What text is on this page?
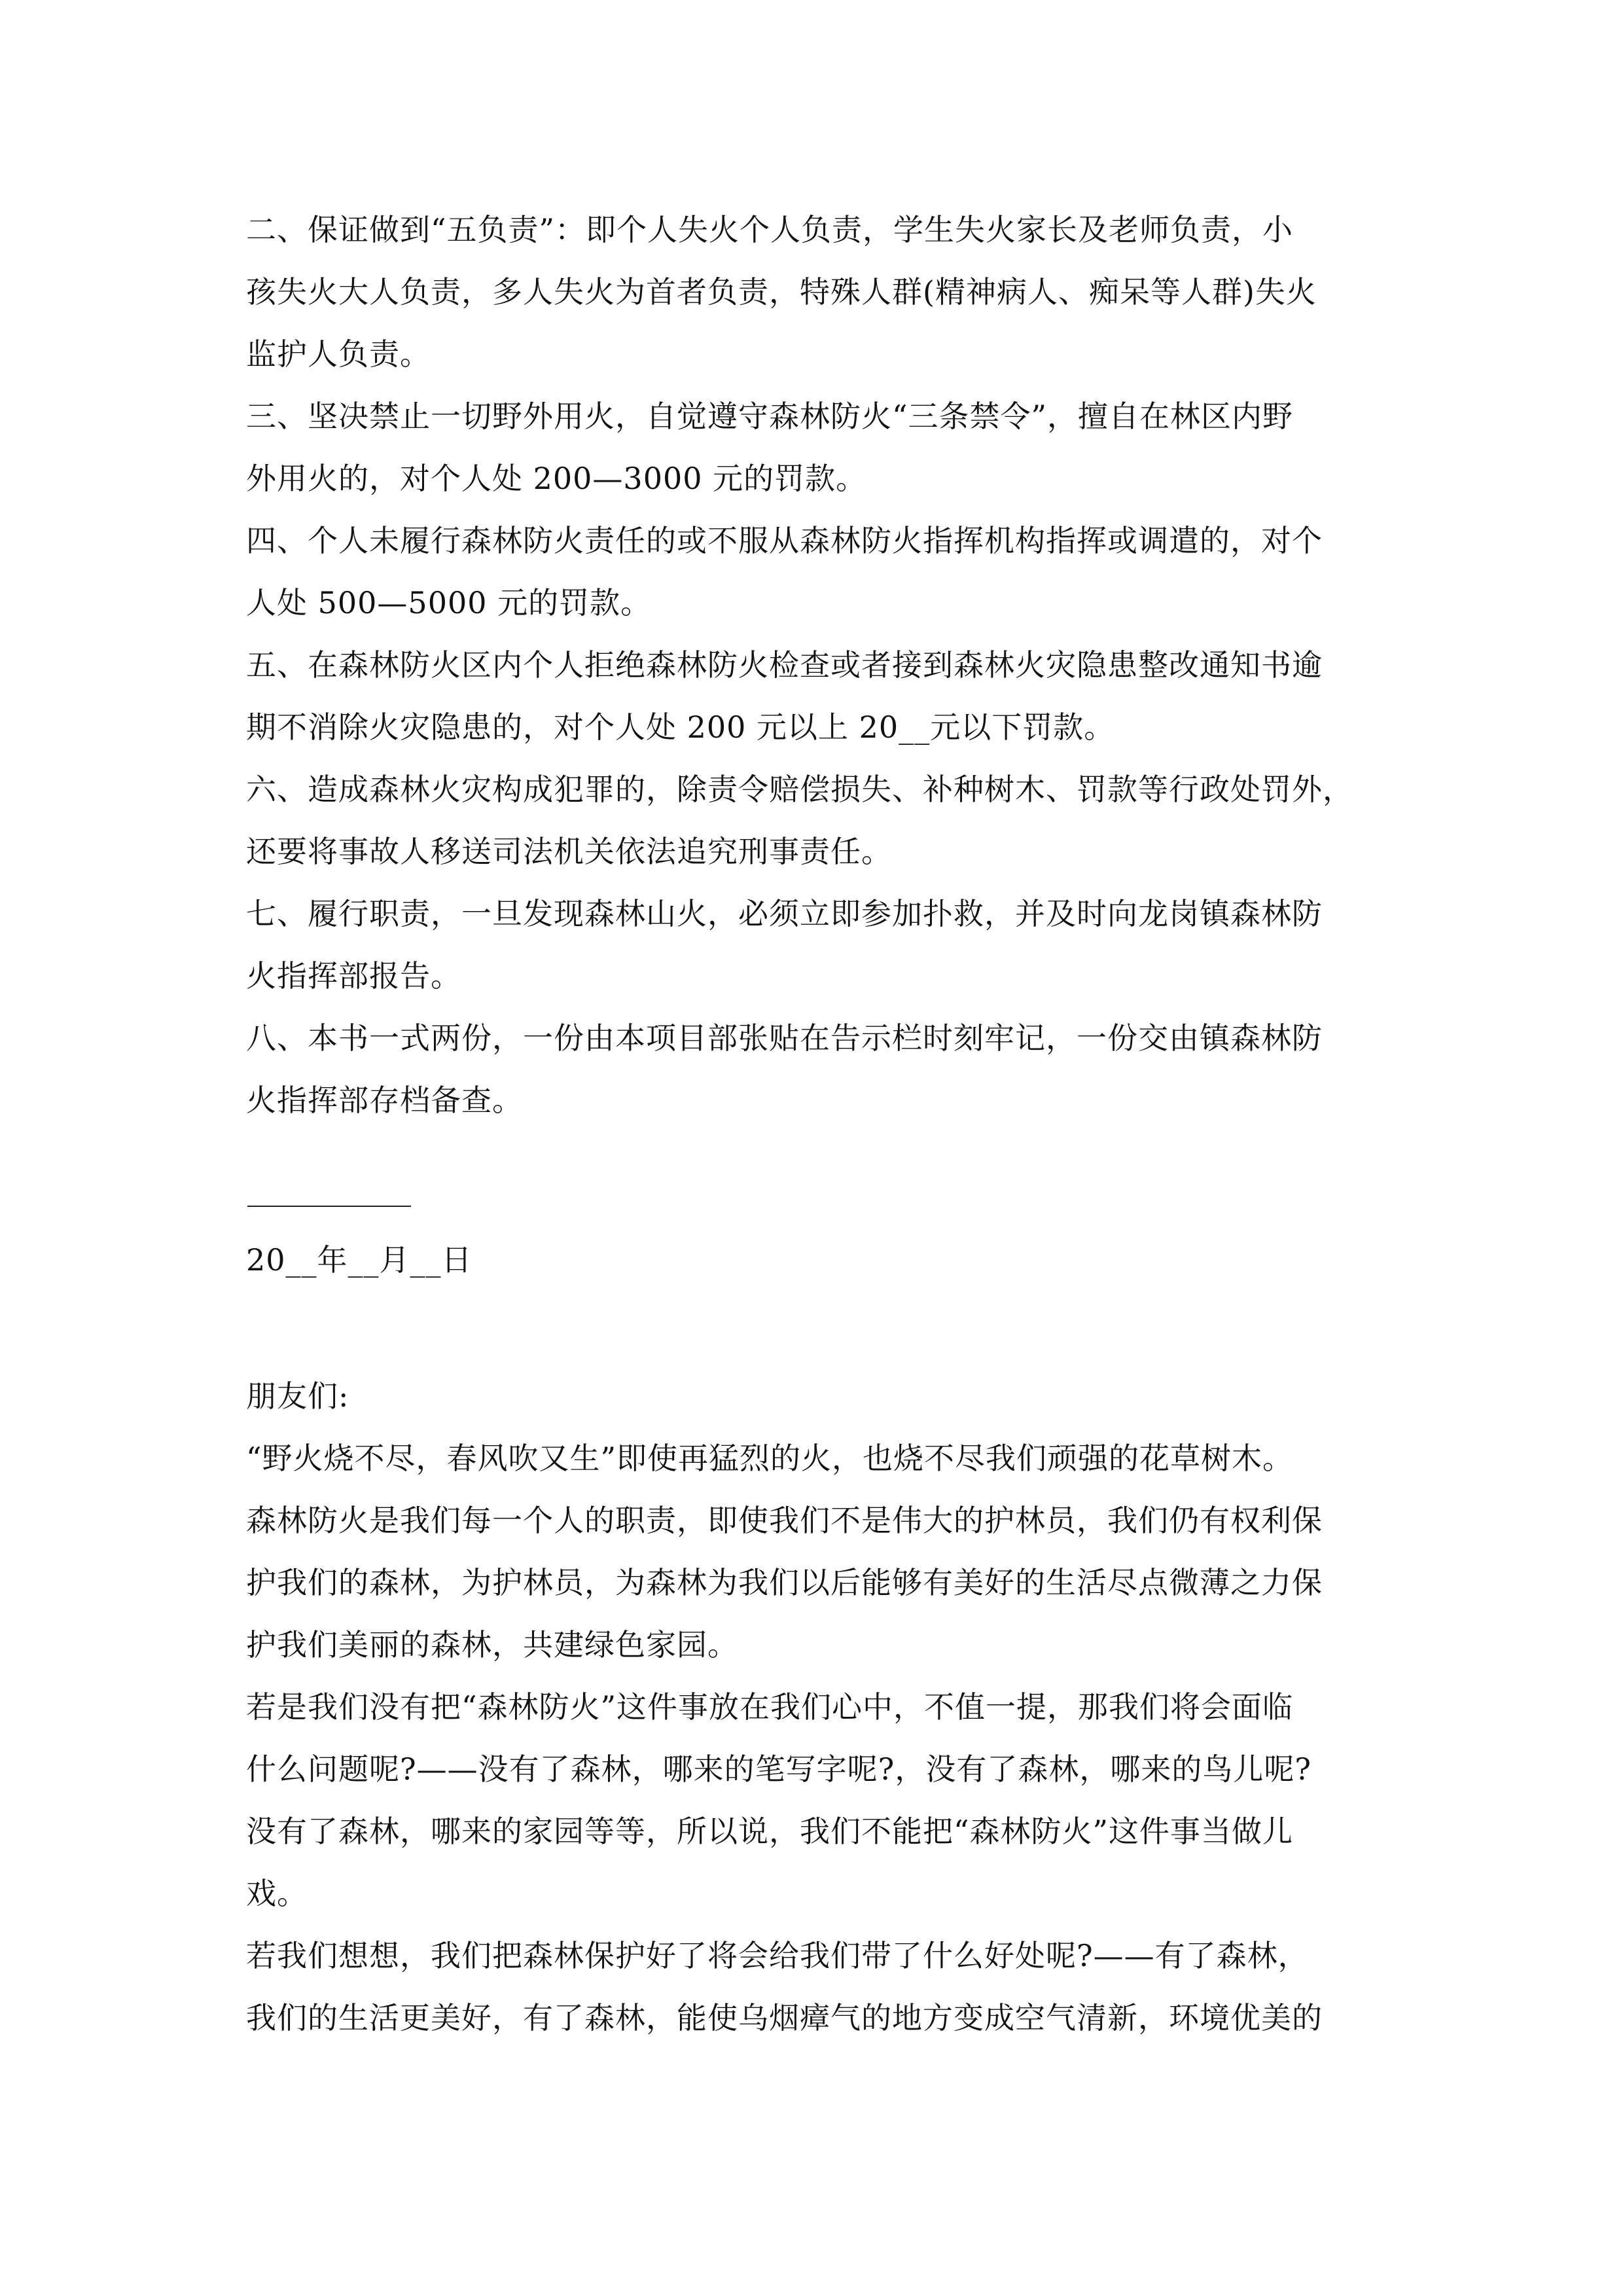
二、保证做到“五负责”：即个人失火个人负责，学生失火家长及老师负责，小

孩失火大人负责，多人失火为首者负责，特殊人群(精神病人、痴呆等人群)失火

监护人负责。

三、坚决禁止一切野外用火，自觉遵守森林防火“三条禁令”，擅自在林区内野

外用火的，对个人处 200—3000 元的罚款。

四、个人未履行森林防火责任的或不服从森林防火指挥机构指挥或调遣的，对个

人处 500—5000 元的罚款。

五、在森林防火区内个人拒绝森林防火检查或者接到森林火灾隐患整改通知书逾

期不消除火灾隐患的，对个人处 200 元以上 20__元以下罚款。

六、造成森林火灾构成犯罪的，除责令赔偿损失、补种树木、罚款等行政处罚外，

还要将事故人移送司法机关依法追究刑事责任。

七、履行职责，一旦发现森林山火，必须立即参加扑救，并及时向龙岗镇森林防

火指挥部报告。

八、本书一式两份，一份由本项目部张贴在告示栏时刻牢记，一份交由镇森林防

火指挥部存档备查。

20__年__月__日

朋友们:

“野火烧不尽，春风吹又生”即使再猛烈的火，也烧不尽我们顽强的花草树木。

森林防火是我们每一个人的职责，即使我们不是伟大的护林员，我们仍有权利保

护我们的森林，为护林员，为森林为我们以后能够有美好的生活尽点微薄之力保

护我们美丽的森林，共建绿色家园。

若是我们没有把“森林防火”这件事放在我们心中，不值一提，那我们将会面临

什么问题呢?——没有了森林，哪来的笔写字呢?，没有了森林，哪来的鸟儿呢?

没有了森林，哪来的家园等等，所以说，我们不能把“森林防火”这件事当做儿

戏。

若我们想想，我们把森林保护好了将会给我们带了什么好处呢?——有了森林，

我们的生活更美好，有了森林，能使乌烟瘴气的地方变成空气清新，环境优美的
